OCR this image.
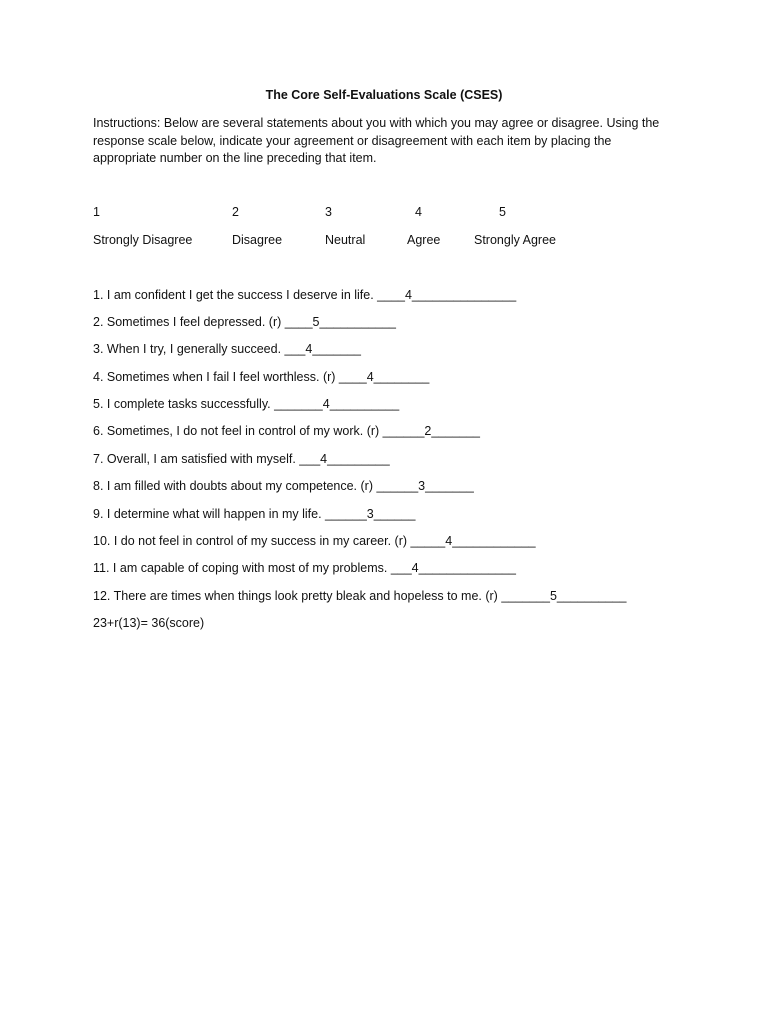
The Core Self-Evaluations Scale (CSES)
Instructions: Below are several statements about you with which you may agree or disagree. Using the response scale below, indicate your agreement or disagreement with each item by placing the appropriate number on the line preceding that item.
1	2	3	4	5
Strongly Disagree	Disagree	Neutral	Agree	Strongly Agree
1. I am confident I get the success I deserve in life. ____4_______________
2. Sometimes I feel depressed. (r) ____5___________
3. When I try, I generally succeed. ___4_______
4. Sometimes when I fail I feel worthless. (r) ____4________
5. I complete tasks successfully. _______4__________
6. Sometimes, I do not feel in control of my work. (r) ______2_______
7. Overall, I am satisfied with myself. ___4_________
8. I am filled with doubts about my competence. (r) ______3_______
9. I determine what will happen in my life. ______3______
10. I do not feel in control of my success in my career. (r) _____4____________
11. I am capable of coping with most of my problems. ___4______________
12. There are times when things look pretty bleak and hopeless to me. (r) _______5__________
23+r(13)= 36(score)
